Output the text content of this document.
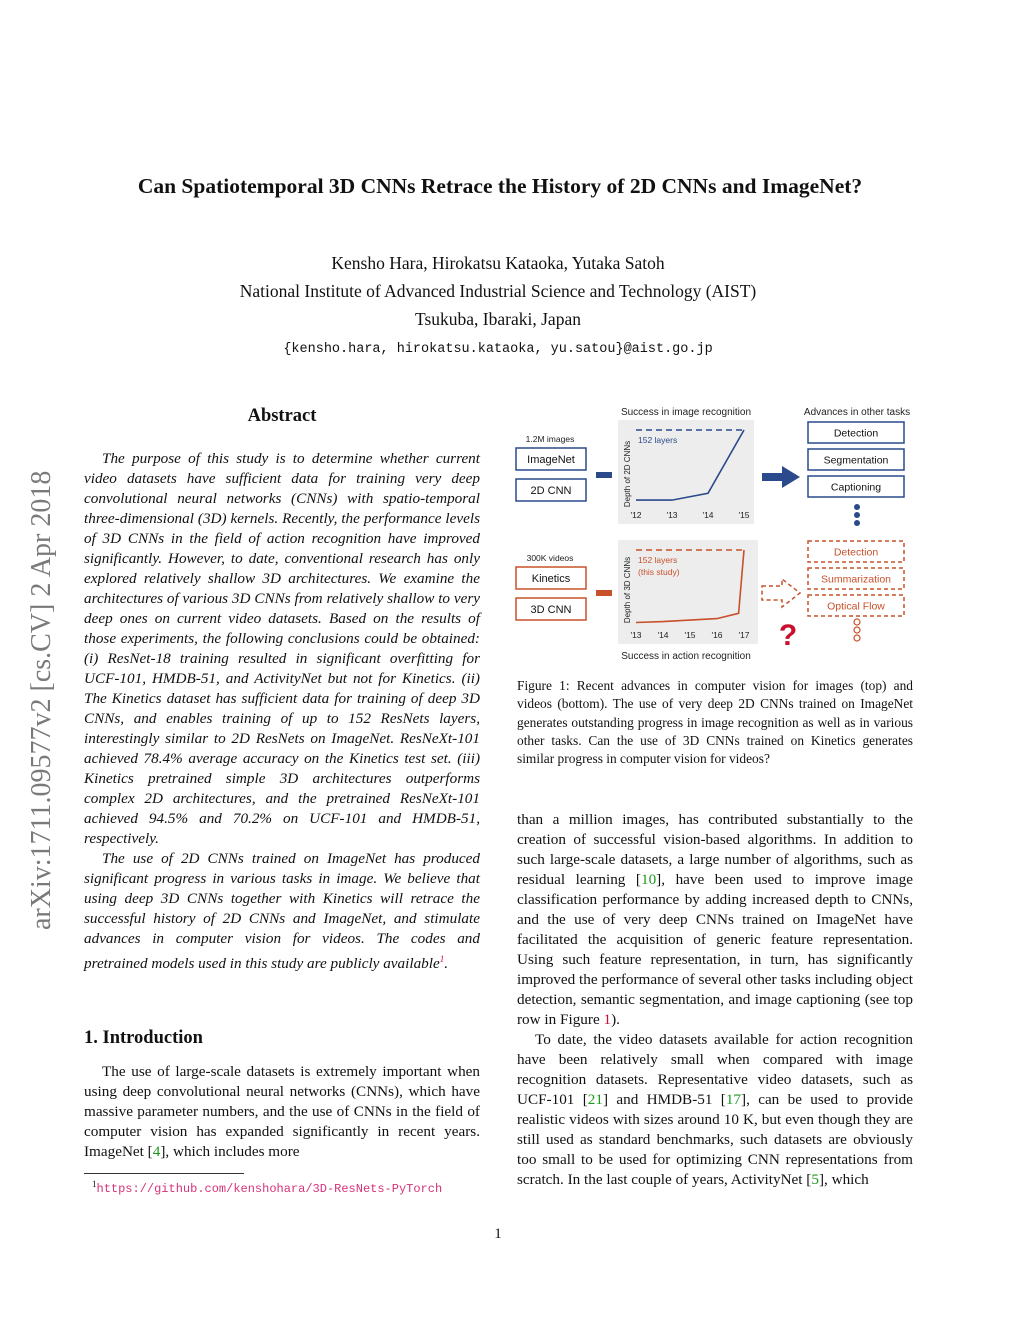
Can Spatiotemporal 3D CNNs Retrace the History of 2D CNNs and ImageNet?
Kensho Hara, Hirokatsu Kataoka, Yutaka Satoh
National Institute of Advanced Industrial Science and Technology (AIST)
Tsukuba, Ibaraki, Japan
{kensho.hara, hirokatsu.kataoka, yu.satou}@aist.go.jp
arXiv:1711.09577v2 [cs.CV] 2 Apr 2018
Abstract

The purpose of this study is to determine whether current video datasets have sufficient data for training very deep convolutional neural networks (CNNs) with spatio-temporal three-dimensional (3D) kernels. Recently, the performance levels of 3D CNNs in the field of action recognition have improved significantly. However, to date, conventional research has only explored relatively shallow 3D architectures. We examine the architectures of various 3D CNNs from relatively shallow to very deep ones on current video datasets. Based on the results of those experiments, the following conclusions could be obtained: (i) ResNet-18 training resulted in significant overfitting for UCF-101, HMDB-51, and ActivityNet but not for Kinetics. (ii) The Kinetics dataset has sufficient data for training of deep 3D CNNs, and enables training of up to 152 ResNets layers, interestingly similar to 2D ResNets on ImageNet. ResNeXt-101 achieved 78.4% average accuracy on the Kinetics test set. (iii) Kinetics pretrained simple 3D architectures outperforms complex 2D architectures, and the pretrained ResNeXt-101 achieved 94.5% and 70.2% on UCF-101 and HMDB-51, respectively.

The use of 2D CNNs trained on ImageNet has produced significant progress in various tasks in image. We believe that using deep 3D CNNs together with Kinetics will retrace the successful history of 2D CNNs and ImageNet, and stimulate advances in computer vision for videos. The codes and pretrained models used in this study are publicly available$^1$.

1. Introduction

The use of large-scale datasets is extremely important when using deep convolutional neural networks (CNNs), which have massive parameter numbers, and the use of CNNs in the field of computer vision has expanded significantly in recent years. ImageNet [4], which includes more

$^1$https://github.com/kenshohara/3D-ResNets-PyTorch
Success in image recognition	Advances in other tasks
1.2M images
ImageNet
2D CNN	Depth of 2D CNNs
152 layers
'12	'13	'14	'15
Detection
Segmentation
Captioning
300K videos
Kinetics
3D CNN	Depth of 3D CNNs 152 layers
(this study)
'13 '14 '15 '16 '17
Success in action recognition
?
Detection
Summarization
Optical Flow
Figure 1: Recent advances in computer vision for images (top) and videos (bottom). The use of very deep 2D CNNs trained on ImageNet generates outstanding progress in image recognition as well as in various other tasks. Can the use of 3D CNNs trained on Kinetics generates similar progress in computer vision for videos?

than a million images, has contributed substantially to the creation of successful vision-based algorithms. In addition to such large-scale datasets, a large number of algorithms, such as residual learning [10], have been used to improve image classification performance by adding increased depth to CNNs, and the use of very deep CNNs trained on ImageNet have facilitated the acquisition of generic feature representation. Using such feature representation, in turn, has significantly improved the performance of several other tasks including object detection, semantic segmentation, and image captioning (see top row in Figure 1).

To date, the video datasets available for action recognition have been relatively small when compared with image recognition datasets. Representative video datasets, such as UCF-101 [21] and HMDB-51 [17], can be used to provide realistic videos with sizes around 10 K, but even though they are still used as standard benchmarks, such datasets are obviously too small to be used for optimizing CNN representations from scratch. In the last couple of years, ActivityNet [5], which

1
